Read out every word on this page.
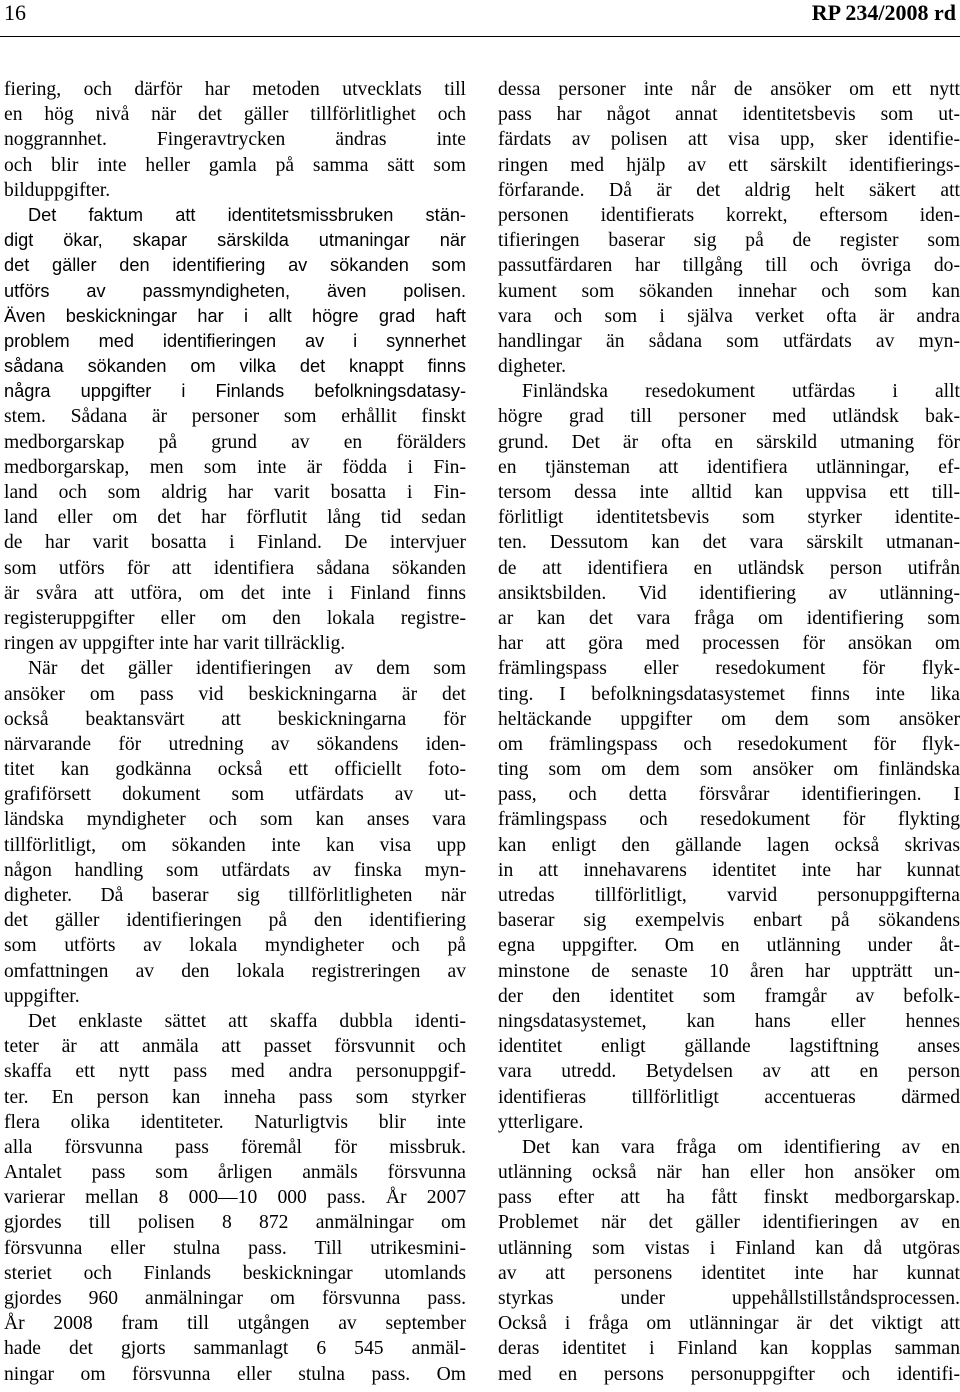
16	RP 234/2008 rd
fiering, och därför har metoden utvecklats till
en hög nivå när det gäller tillförlitlighet och
noggrannhet. Fingeravtrycken ändras inte
och blir inte heller gamla på samma sätt som
bilduppgifter.
Det faktum att identitetsmissbruken stän-
digt ökar, skapar särskilda utmaningar när
det gäller den identifiering av sökanden som
utförs av passmyndigheten, även polisen.
Även beskickningar har i allt högre grad haft
problem med identifieringen av i synnerhet
sådana sökanden om vilka det knappt finns
några uppgifter i Finlands befolkningsdatasy-
stem. Sådana är personer som erhållit finskt
medborgarskap på grund av en förälders
medborgarskap, men som inte är födda i Fin-
land och som aldrig har varit bosatta i Fin-
land eller om det har förflutit lång tid sedan
de har varit bosatta i Finland. De intervjuer
som utförs för att identifiera sådana sökanden
är svåra att utföra, om det inte i Finland finns
registeruppgifter eller om den lokala registre-
ringen av uppgifter inte har varit tillräcklig.
När det gäller identifieringen av dem som
ansöker om pass vid beskickningarna är det
också beaktansvärt att beskickningarna för
närvarande för utredning av sökandens iden-
titet kan godkänna också ett officiellt foto-
grafiförsett dokument som utfärdats av ut-
ländska myndigheter och som kan anses vara
tillförlitligt, om sökanden inte kan visa upp
någon handling som utfärdats av finska myn-
digheter. Då baserar sig tillförlitligheten när
det gäller identifieringen på den identifiering
som utförts av lokala myndigheter och på
omfattningen av den lokala registreringen av
uppgifter.
Det enklaste sättet att skaffa dubbla identi-
teter är att anmäla att passet försvunnit och
skaffa ett nytt pass med andra personuppgif-
ter. En person kan inneha pass som styrker
flera olika identiteter. Naturligtvis blir inte
alla försvunna pass föremål för missbruk.
Antalet pass som årligen anmäls försvunna
varierar mellan 8 000—10 000 pass. År 2007
gjordes till polisen 8 872 anmälningar om
försvunna eller stulna pass. Till utrikesmini-
steriet och Finlands beskickningar utomlands
gjordes 960 anmälningar om försvunna pass.
År 2008 fram till utgången av september
hade det gjorts sammanlagt 6 545 anmäl-
ningar om försvunna eller stulna pass. Om
dessa personer inte når de ansöker om ett nytt
pass har något annat identitetsbevis som ut-
färdats av polisen att visa upp, sker identifie-
ringen med hjälp av ett särskilt identifierings-
förfarande. Då är det aldrig helt säkert att
personen identifierats korrekt, eftersom iden-
tifieringen baserar sig på de register som
passutfärdaren har tillgång till och övriga do-
kument som sökanden innehar och som kan
vara och som i själva verket ofta är andra
handlingar än sådana som utfärdats av myn-
digheter.
Finländska resedokument utfärdas i allt
högre grad till personer med utländsk bak-
grund. Det är ofta en särskild utmaning för
en tjänsteman att identifiera utlänningar, ef-
tersom dessa inte alltid kan uppvisa ett till-
förlitligt identitetsbevis som styrker identite-
ten. Dessutom kan det vara särskilt utmanan-
de att identifiera en utländsk person utifrån
ansiktsbilden. Vid identifiering av utlänning-
ar kan det vara fråga om identifiering som
har att göra med processen för ansökan om
främlingspass eller resedokument för flyk-
ting. I befolkningsdatasystemet finns inte lika
heltäckande uppgifter om dem som ansöker
om främlingspass och resedokument för flyk-
ting som om dem som ansöker om finländska
pass, och detta försvårar identifieringen. I
främlingspass och resedokument för flykting
kan enligt den gällande lagen också skrivas
in att innehavarens identitet inte har kunnat
utredas tillförlitligt, varvid personuppgifterna
baserar sig exempelvis enbart på sökandens
egna uppgifter. Om en utlänning under åt-
minstone de senaste 10 åren har uppträtt un-
der den identitet som framgår av befolk-
ningsdatasystemet, kan hans eller hennes
identitet enligt gällande lagstiftning anses
vara utredd. Betydelsen av att en person
identifieras tillförlitligt accentueras därmed
ytterligare.
Det kan vara fråga om identifiering av en
utlänning också när han eller hon ansöker om
pass efter att ha fått finskt medborgarskap.
Problemet när det gäller identifieringen av en
utlänning som vistas i Finland kan då utgöras
av att personens identitet inte har kunnat
styrkas under uppehållstillståndsprocessen.
Också i fråga om utlänningar är det viktigt att
deras identitet i Finland kan kopplas samman
med en persons personuppgifter och identifi-
